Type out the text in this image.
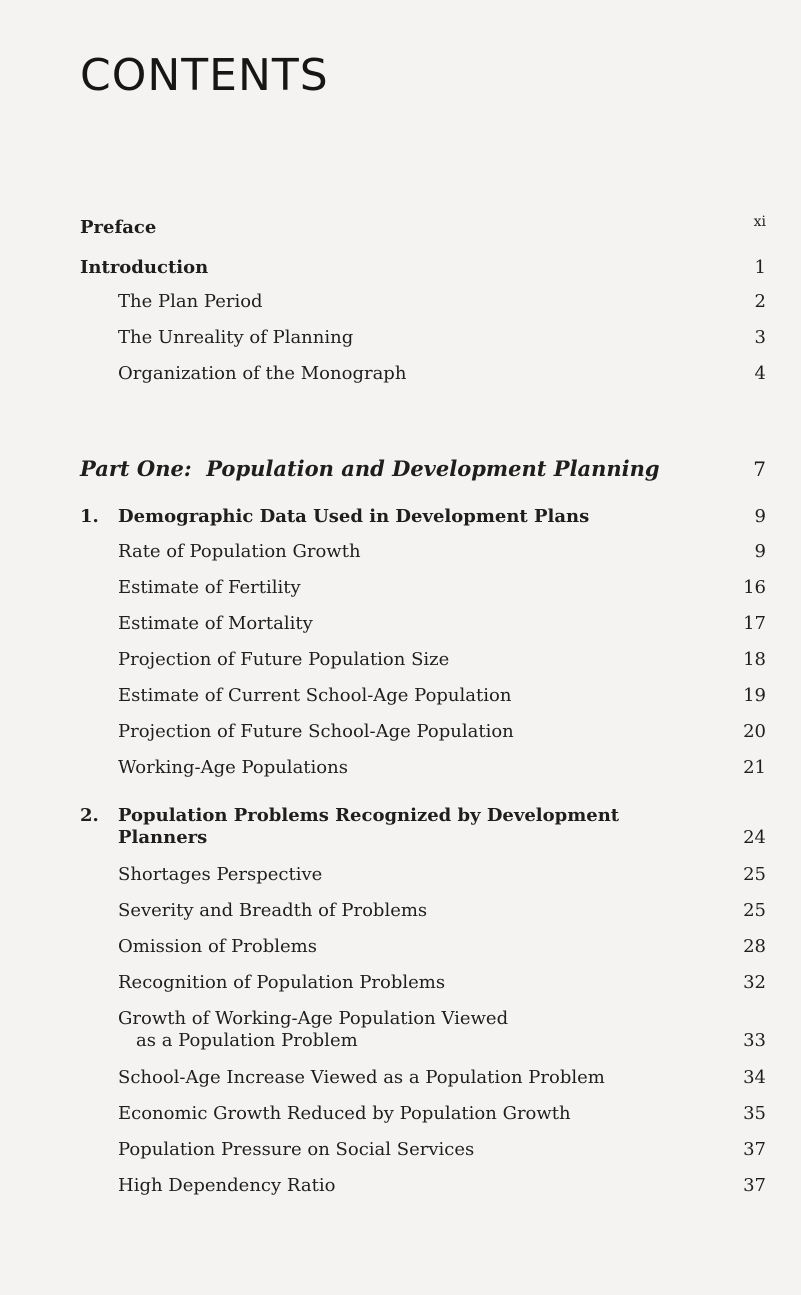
CONTENTS
Preface	xi
Introduction	1
The Plan Period	2
The Unreality of Planning	3
Organization of the Monograph	4
Part One:  Population and Development Planning	7
1. Demographic Data Used in Development Plans	9
Rate of Population Growth	9
Estimate of Fertility	16
Estimate of Mortality	17
Projection of Future Population Size	18
Estimate of Current School-Age Population	19
Projection of Future School-Age Population	20
Working-Age Populations	21
2. Population Problems Recognized by Development
Planners	24
Shortages Perspective	25
Severity and Breadth of Problems	25
Omission of Problems	28
Recognition of Population Problems	32
Growth of Working-Age Population Viewed
as a Population Problem	33
School-Age Increase Viewed as a Population Problem	34
Economic Growth Reduced by Population Growth	35
Population Pressure on Social Services	37
High Dependency Ratio	37
